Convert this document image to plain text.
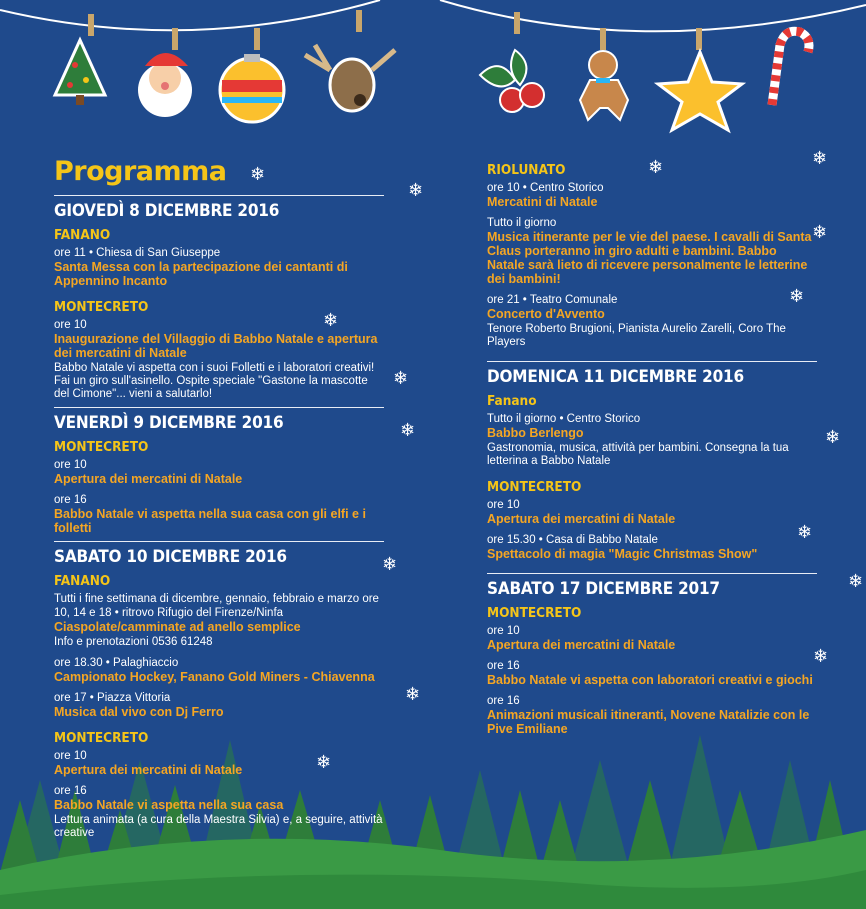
❄
❄
❄
❄
❄
❄
❄
❄
❄	❄
❄
❄
❄
❄
❄
❄
Programma
GIOVEDÌ 8 DICEMBRE 2016
FANANO
ore 11 • Chiesa di San Giuseppe
Santa Messa con la partecipazione dei cantanti di Appennino Incanto
MONTECRETO
ore 10
Inaugurazione del Villaggio di Babbo Natale e apertura dei mercatini di Natale
Babbo Natale vi aspetta con i suoi Folletti e i laboratori creativi! Fai un giro sull'asinello. Ospite speciale "Gastone la mascotte del Cimone"... vieni a salutarlo!
VENERDÌ 9 DICEMBRE 2016
MONTECRETO
ore 10
Apertura dei mercatini di Natale
ore 16
Babbo Natale vi aspetta nella sua casa con gli elfi e i folletti
SABATO 10 DICEMBRE 2016
FANANO
Tutti i fine settimana di dicembre, gennaio, febbraio e marzo ore 10, 14 e 18 • ritrovo Rifugio del Firenze/Ninfa
Ciaspolate/camminate ad anello semplice
Info e prenotazioni 0536 61248
ore 18.30 • Palaghiaccio
Campionato Hockey, Fanano Gold Miners - Chiavenna
ore 17 • Piazza Vittoria
Musica dal vivo con Dj Ferro
MONTECRETO
ore 10
Apertura dei mercatini di Natale
ore 16
Babbo Natale vi aspetta nella sua casa
Lettura animata (a cura della Maestra Silvia) e, a seguire, attività creative
RIOLUNATO
ore 10 • Centro Storico
Mercatini di Natale
Tutto il giorno
Musica itinerante per le vie del paese. I cavalli di Santa Claus porteranno in giro adulti e bambini. Babbo Natale sarà lieto di ricevere personalmente le letterine dei bambini!
ore 21 • Teatro Comunale
Concerto d'Avvento
Tenore Roberto Brugioni, Pianista Aurelio Zarelli, Coro The Players
DOMENICA 11 DICEMBRE 2016
Fanano
Tutto il giorno • Centro Storico
Babbo Berlengo
Gastronomia, musica, attività per bambini. Consegna la tua letterina a Babbo Natale
MONTECRETO
ore 10
Apertura dei mercatini di Natale
ore 15.30 • Casa di Babbo Natale
Spettacolo di magia "Magic Christmas Show"
SABATO 17 DICEMBRE 2017
MONTECRETO
ore 10
Apertura dei mercatini di Natale
ore 16
Babbo Natale vi aspetta con laboratori creativi e giochi
ore 16
Animazioni musicali itineranti, Novene Natalizie con le Pive Emiliane
